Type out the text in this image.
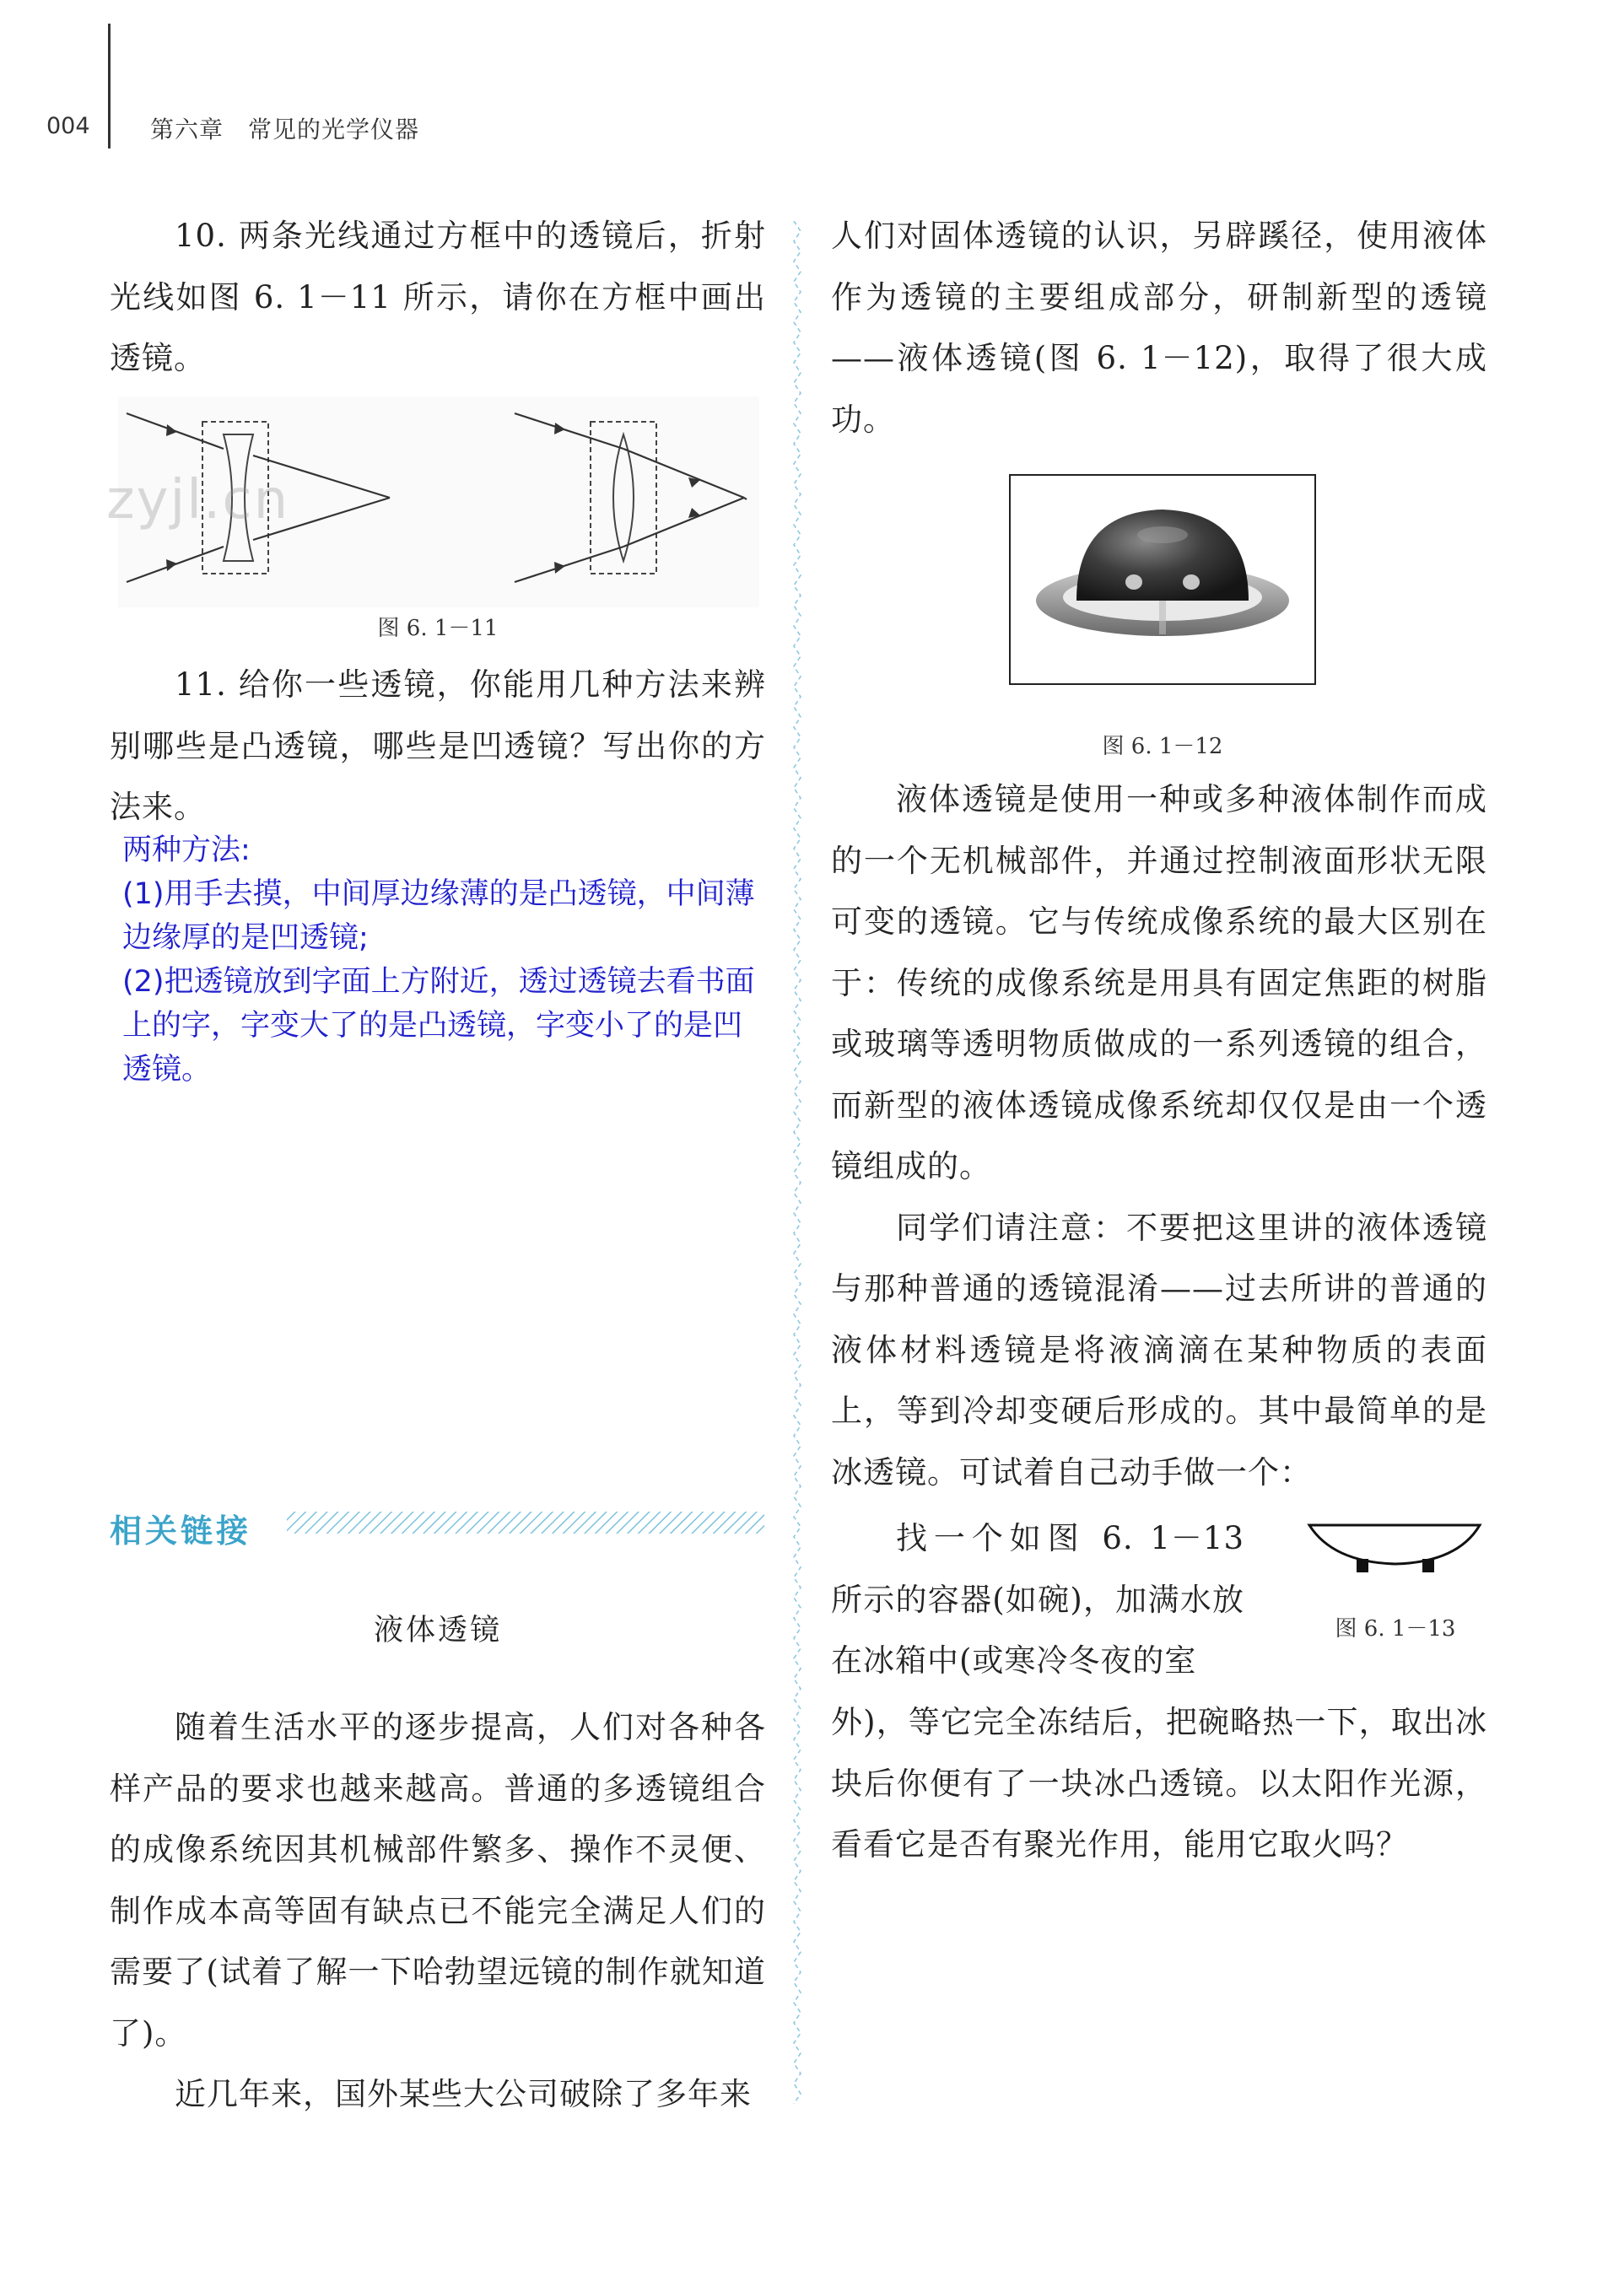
004	第六章　常见的光学仪器

10. 两条光线通过方框中的透镜后，折射光线如图 6. 1－11 所示，请你在方框中画出透镜。

zyjl.cn
图 6. 1－11

11. 给你一些透镜，你能用几种方法来辨别哪些是凸透镜，哪些是凹透镜？写出你的方法来。

两种方法:
(1)用手去摸，中间厚边缘薄的是凸透镜，中间薄边缘厚的是凹透镜;
(2)把透镜放到字面上方附近，透过透镜去看书面上的字，字变大了的是凸透镜，字变小了的是凹透镜。
相关链接
液体透镜

随着生活水平的逐步提高，人们对各种各样产品的要求也越来越高。普通的多透镜组合的成像系统因其机械部件繁多、操作不灵便、制作成本高等固有缺点已不能完全满足人们的需要了(试着了解一下哈勃望远镜的制作就知道了)。

近几年来，国外某些大公司破除了多年来

人们对固体透镜的认识，另辟蹊径，使用液体作为透镜的主要组成部分，研制新型的透镜——液体透镜(图 6. 1－12)，取得了很大成功。

图 6. 1－12

液体透镜是使用一种或多种液体制作而成的一个无机械部件，并通过控制液面形状无限可变的透镜。它与传统成像系统的最大区别在于：传统的成像系统是用具有固定焦距的树脂或玻璃等透明物质做成的一系列透镜的组合，而新型的液体透镜成像系统却仅仅是由一个透镜组成的。

同学们请注意：不要把这里讲的液体透镜与那种普通的透镜混淆——过去所讲的普通的液体材料透镜是将液滴滴在某种物质的表面上，等到冷却变硬后形成的。其中最简单的是冰透镜。可试着自己动手做一个：

找一个如图 6. 1－13 所示的容器(如碗)，加满水放在冰箱中(或寒冷冬夜的室

图 6. 1－13

外)，等它完全冻结后，把碗略热一下，取出冰块后你便有了一块冰凸透镜。以太阳作光源，看看它是否有聚光作用，能用它取火吗？
